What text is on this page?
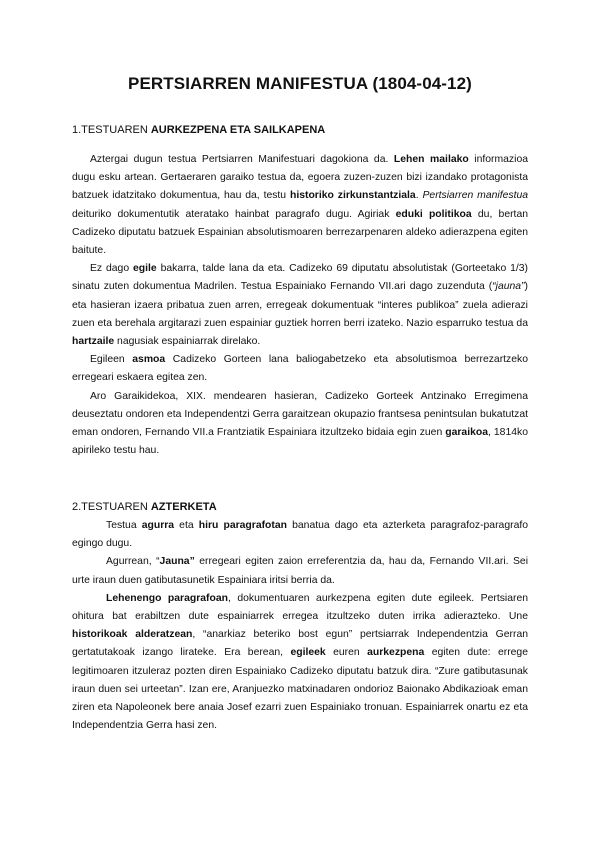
PERTSIARREN MANIFESTUA (1804-04-12)
1.TESTUAREN AURKEZPENA ETA SAILKAPENA

Aztergai dugun testua Pertsiarren Manifestuari dagokiona da. Lehen mailako informazioa dugu esku artean. Gertaeraren garaiko testua da, egoera zuzen-zuzen bizi izandako protagonista batzuek idatzitako dokumentua, hau da, testu historiko zirkunstantziala. Pertsiarren manifestua deituriko dokumentutik ateratako hainbat paragrafo dugu. Agiriak eduki politikoa du, bertan Cadizeko diputatu batzuek Espainian absolutismoaren berrezarpenaren aldeko adierazpena egiten baitute.

Ez dago egile bakarra, talde lana da eta. Cadizeko 69 diputatu absolutistak (Gorteetako 1/3) sinatu zuten dokumentua Madrilen. Testua Espainiako Fernando VII.ari dago zuzenduta (“jauna”) eta hasieran izaera pribatua zuen arren, erregeak dokumentuak “interes publikoa” zuela adierazi zuen eta berehala argitarazi zuen espainiar guztiek horren berri izateko. Nazio esparruko testua da hartzaile nagusiak espainiarrak direlako.

Egileen asmoa Cadizeko Gorteen lana baliogabetzeko eta absolutismoa berrezartzeko erregeari eskaera egitea zen.

Aro Garaikidekoa, XIX. mendearen hasieran, Cadizeko Gorteek Antzinako Erregimena deuseztatu ondoren eta Independentzi Gerra garaitzean okupazio frantsesa penintsulan bukatutzat eman ondoren, Fernando VII.a Frantziatik Espainiara itzultzeko bidaia egin zuen garaikoa, 1814ko apirileko testu hau.

2.TESTUAREN AZTERKETA

Testua agurra eta hiru paragrafotan banatua dago eta azterketa paragrafoz-paragrafo egingo dugu.

Agurrean, “Jauna” erregeari egiten zaion erreferentzia da, hau da, Fernando VII.ari. Sei urte iraun duen gatibutasunetik Espainiara iritsi berria da.

Lehenengo paragrafoan, dokumentuaren aurkezpena egiten dute egileek. Pertsiaren ohitura bat erabiltzen dute espainiarrek erregea itzultzeko duten irrika adierazteko. Une historikoak alderatzean, “anarkiaz beteriko bost egun” pertsiarrak Independentzia Gerran gertatutakoak izango lirateke. Era berean, egileek euren aurkezpena egiten dute: errege legitimoaren itzuleraz pozten diren Espainiako Cadizeko diputatu batzuk dira. “Zure gatibutasunak iraun duen sei urteetan”. Izan ere, Aranjuezko matxinadaren ondorioz Baionako Abdikazioak eman ziren eta Napoleonek bere anaia Josef ezarri zuen Espainiako tronuan. Espainiarrek onartu ez eta Independentzia Gerra hasi zen.
